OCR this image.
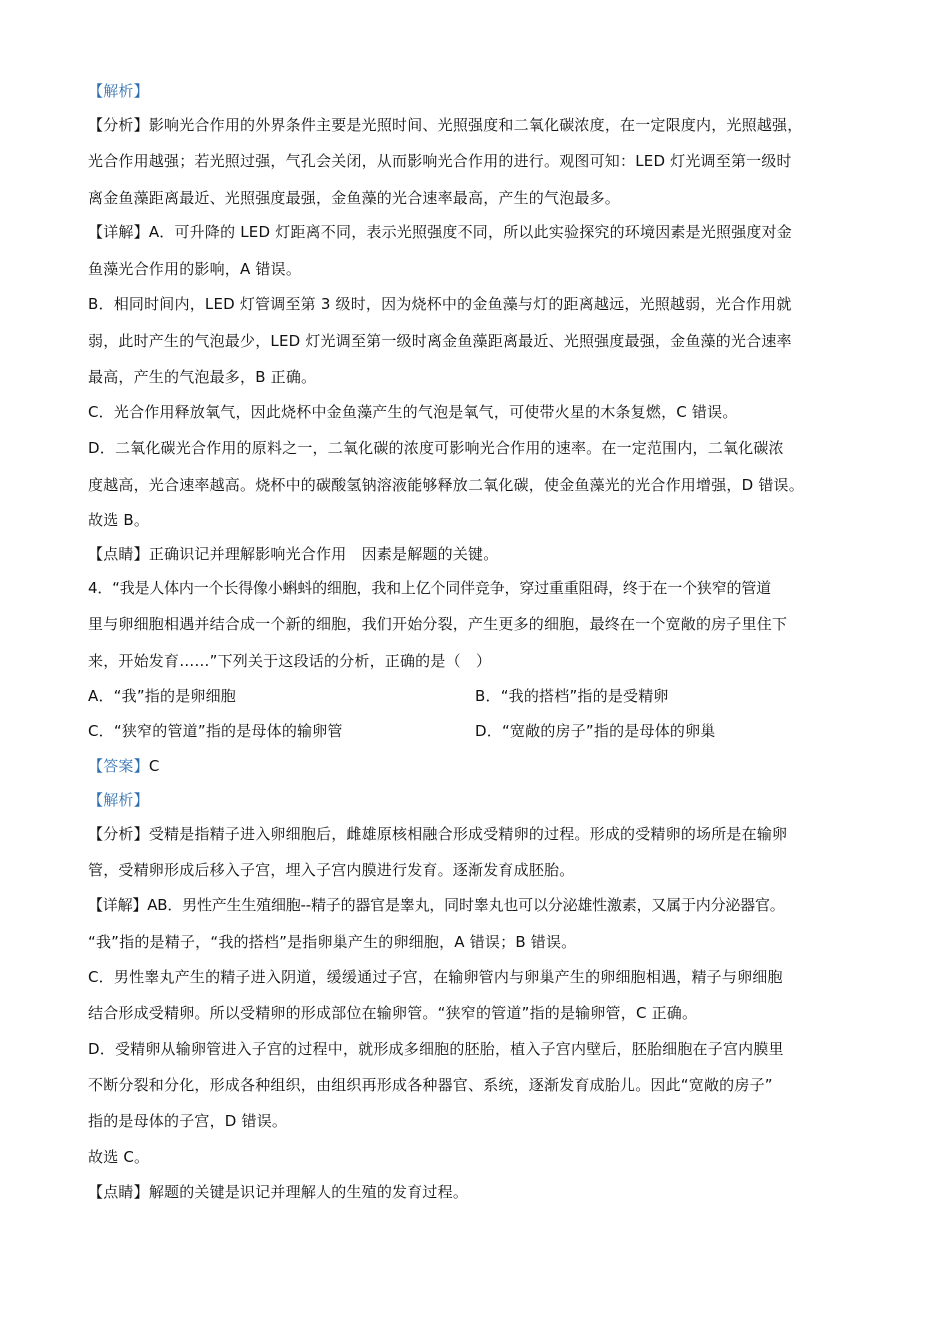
【解析】
【分析】影响光合作用的外界条件主要是光照时间、光照强度和二氧化碳浓度，在一定限度内，光照越强，
光合作用越强；若光照过强，气孔会关闭，从而影响光合作用的进行。观图可知：LED 灯光调至第一级时
离金鱼藻距离最近、光照强度最强，金鱼藻的光合速率最高，产生的气泡最多。
【详解】A．可升降的 LED 灯距离不同，表示光照强度不同，所以此实验探究的环境因素是光照强度对金
鱼藻光合作用的影响，A 错误。
B．相同时间内，LED 灯管调至第 3 级时，因为烧杯中的金鱼藻与灯的距离越远，光照越弱，光合作用就
弱，此时产生的气泡最少，LED 灯光调至第一级时离金鱼藻距离最近、光照强度最强，金鱼藻的光合速率
最高，产生的气泡最多，B 正确。
C．光合作用释放氧气，因此烧杯中金鱼藻产生的气泡是氧气，可使带火星的木条复燃，C 错误。
D．二氧化碳光合作用的原料之一，二氧化碳的浓度可影响光合作用的速率。在一定范围内，二氧化碳浓
度越高，光合速率越高。烧杯中的碳酸氢钠溶液能够释放二氧化碳，使金鱼藻光的光合作用增强，D 错误。
故选 B。
【点睛】正确识记并理解影响光合作用　因素是解题的关键。
4．“我是人体内一个长得像小蝌蚪的细胞，我和上亿个同伴竞争，穿过重重阻碍，终于在一个狭窄的管道
里与卵细胞相遇并结合成一个新的细胞，我们开始分裂，产生更多的细胞，最终在一个宽敞的房子里住下
来，开始发育……”下列关于这段话的分析，正确的是（　）
A．“我”指的是卵细胞	B．“我的搭档”指的是受精卵
C．“狭窄的管道”指的是母体的输卵管	D．“宽敞的房子”指的是母体的卵巢
【答案】C
【解析】
【分析】受精是指精子进入卵细胞后，雌雄原核相融合形成受精卵的过程。形成的受精卵的场所是在输卵
管，受精卵形成后移入子宫，埋入子宫内膜进行发育。逐渐发育成胚胎。
【详解】AB．男性产生生殖细胞--精子的器官是睾丸，同时睾丸也可以分泌雄性激素，又属于内分泌器官。
“我”指的是精子，“我的搭档”是指卵巢产生的卵细胞，A 错误；B 错误。
C．男性睾丸产生的精子进入阴道，缓缓通过子宫，在输卵管内与卵巢产生的卵细胞相遇，精子与卵细胞
结合形成受精卵。所以受精卵的形成部位在输卵管。“狭窄的管道”指的是输卵管，C 正确。
D．受精卵从输卵管进入子宫的过程中，就形成多细胞的胚胎，植入子宫内壁后，胚胎细胞在子宫内膜里
不断分裂和分化，形成各种组织，由组织再形成各种器官、系统，逐渐发育成胎儿。因此“宽敞的房子”
指的是母体的子宫，D 错误。
故选 C。
【点睛】解题的关键是识记并理解人的生殖的发育过程。
